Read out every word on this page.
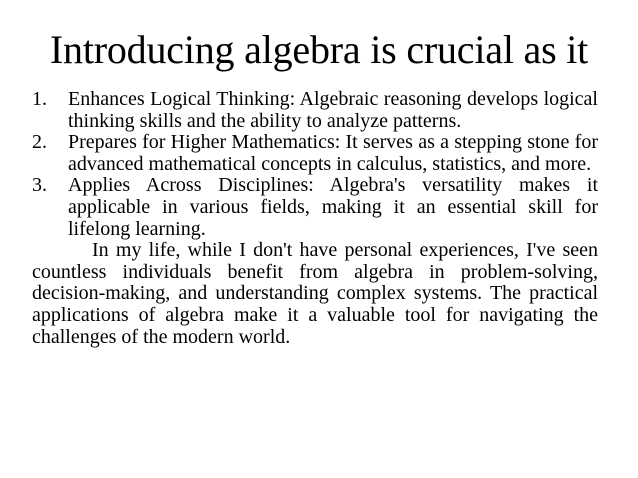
Introducing algebra is crucial as it
1. Enhances Logical Thinking: Algebraic reasoning develops logical thinking skills and the ability to analyze patterns.
2. Prepares for Higher Mathematics: It serves as a stepping stone for advanced mathematical concepts in calculus, statistics, and more.
3. Applies Across Disciplines: Algebra's versatility makes it applicable in various fields, making it an essential skill for lifelong learning.

In my life, while I don't have personal experiences, I've seen countless individuals benefit from algebra in problem-solving, decision-making, and understanding complex systems. The practical applications of algebra make it a valuable tool for navigating the challenges of the modern world.
